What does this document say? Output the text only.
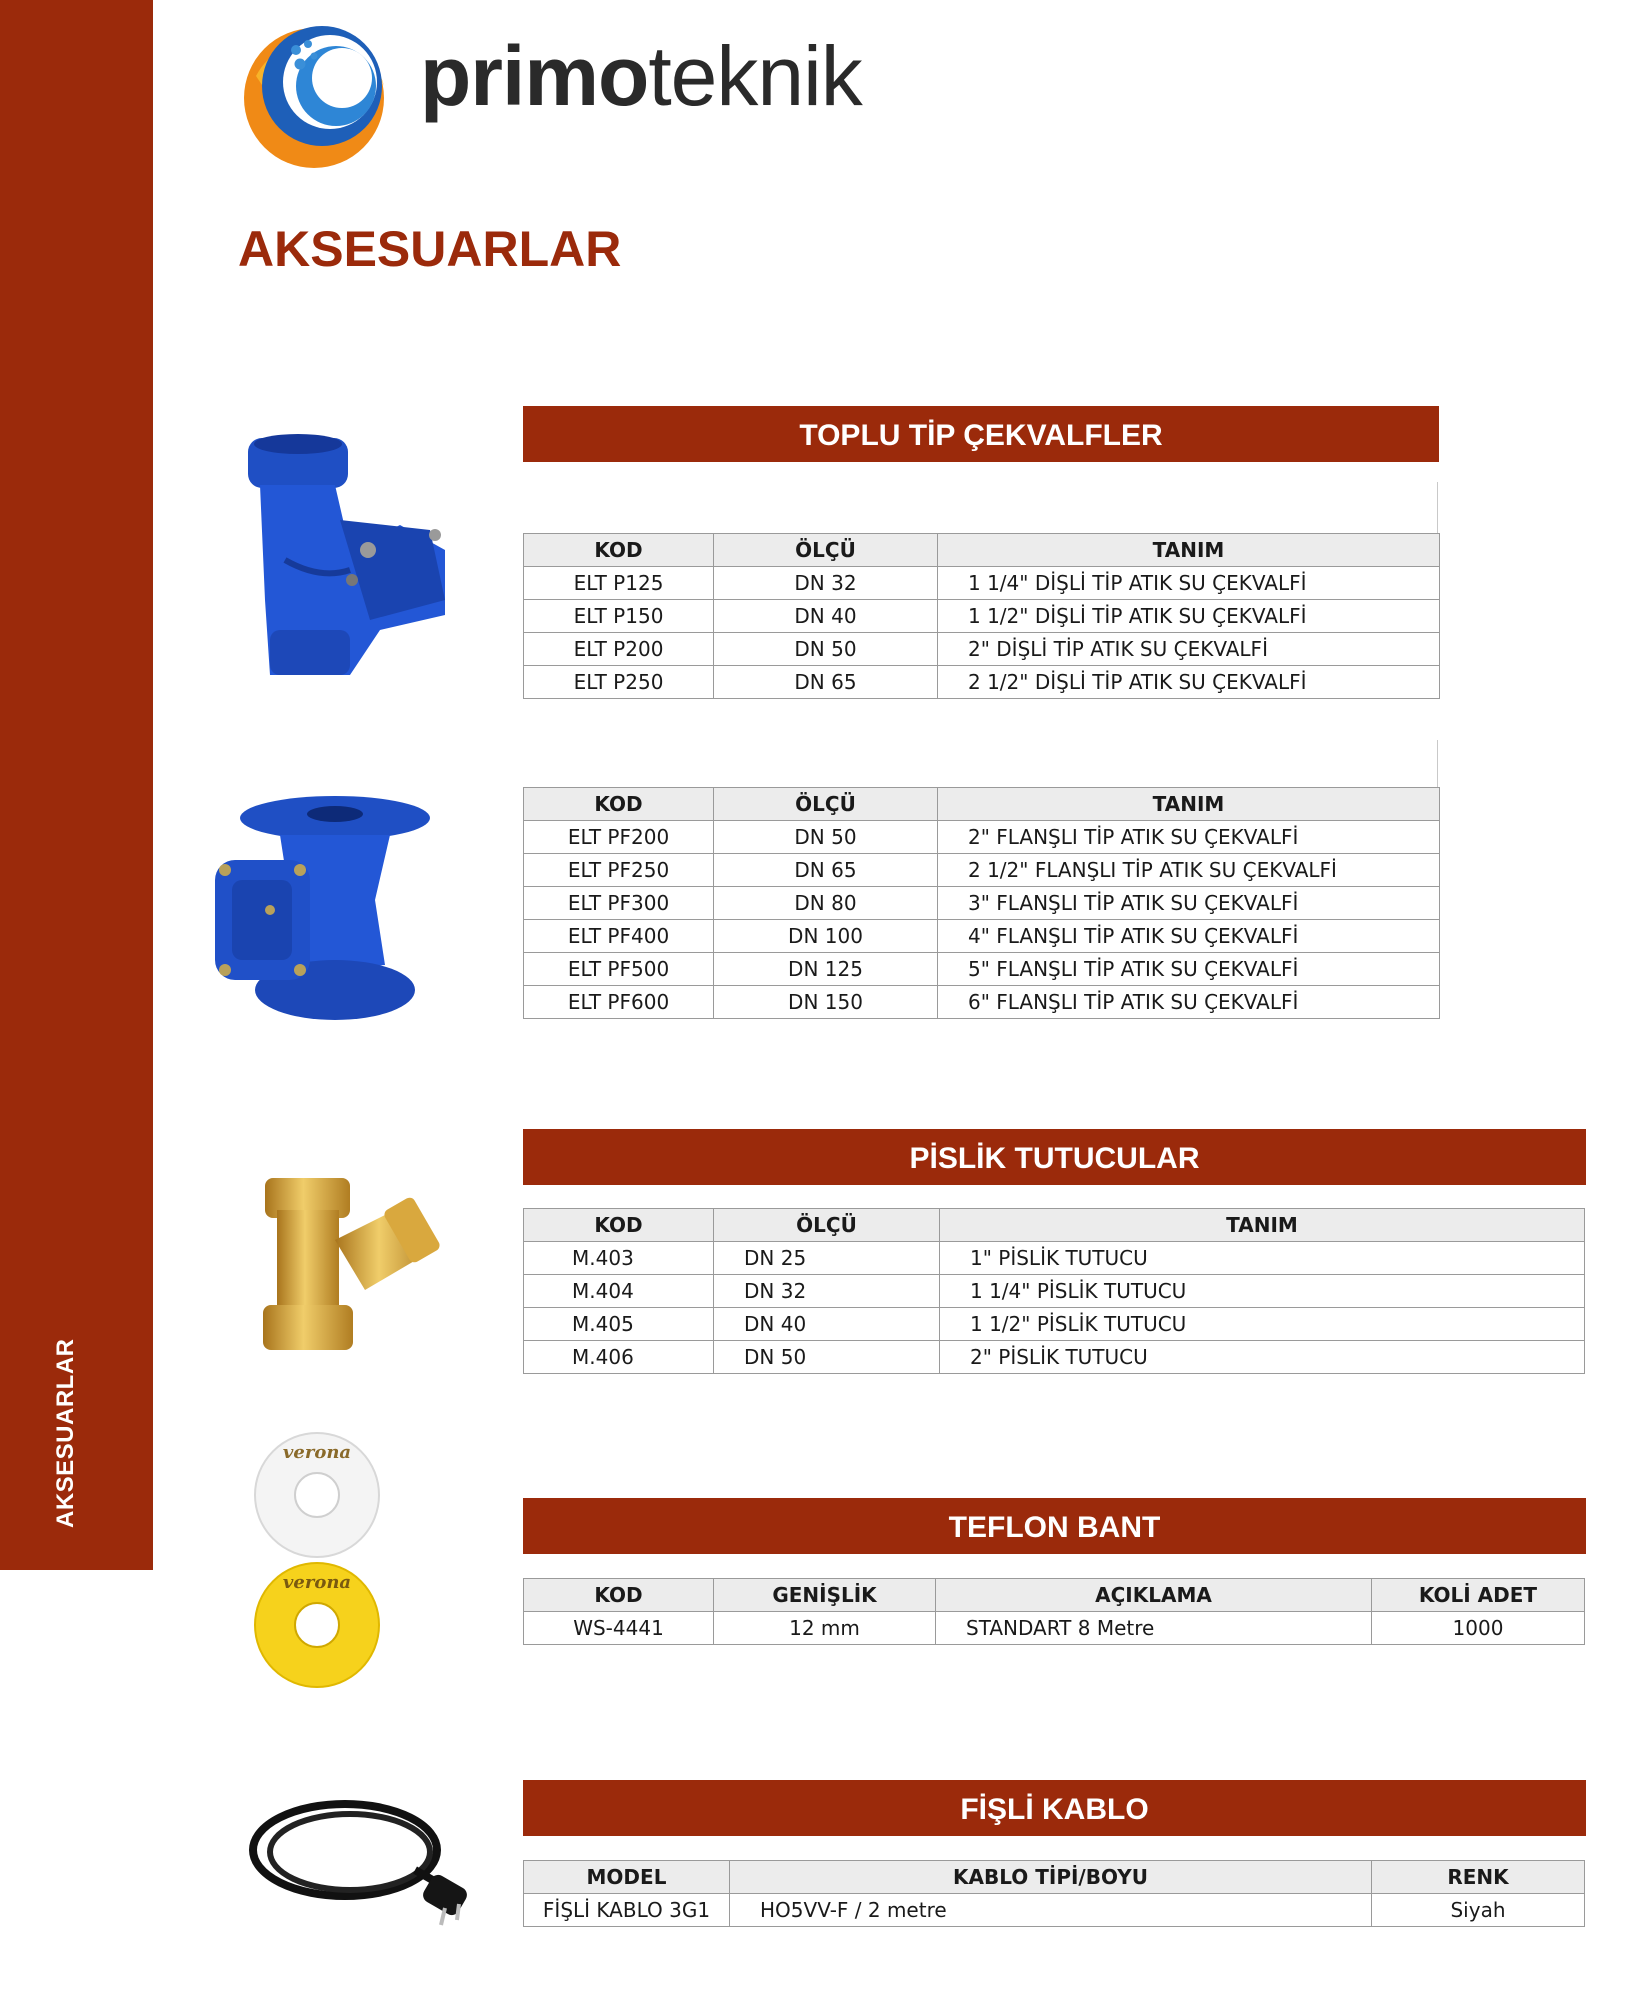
AKSESUARLAR
primoteknik
AKSESUARLAR
TOPLU TİP ÇEKVALFLER
KOD	ÖLÇÜ	TANIM
ELT P125	DN 32	1 1/4" DİŞLİ TİP ATIK SU ÇEKVALFİ
ELT P150	DN 40	1 1/2" DİŞLİ TİP ATIK SU ÇEKVALFİ
ELT P200	DN 50	2" DİŞLİ TİP ATIK SU ÇEKVALFİ
ELT P250	DN 65	2 1/2" DİŞLİ TİP ATIK SU ÇEKVALFİ
KOD	ÖLÇÜ	TANIM
ELT PF200	DN 50	2" FLANŞLI TİP ATIK SU ÇEKVALFİ
ELT PF250	DN 65	2 1/2" FLANŞLI TİP ATIK SU ÇEKVALFİ
ELT PF300	DN 80	3" FLANŞLI TİP ATIK SU ÇEKVALFİ
ELT PF400	DN 100	4" FLANŞLI TİP ATIK SU ÇEKVALFİ
ELT PF500	DN 125	5" FLANŞLI TİP ATIK SU ÇEKVALFİ
ELT PF600	DN 150	6" FLANŞLI TİP ATIK SU ÇEKVALFİ
PİSLİK TUTUCULAR
KOD	ÖLÇÜ	TANIM
M.403	DN 25	1" PİSLİK TUTUCU
M.404	DN 32	1 1/4" PİSLİK TUTUCU
M.405	DN 40	1 1/2" PİSLİK TUTUCU
M.406	DN 50	2" PİSLİK TUTUCU
verona
verona
TEFLON BANT
KOD	GENİŞLİK	AÇIKLAMA	KOLİ ADET
WS-4441	12 mm	STANDART 8 Metre	1000
FİŞLİ KABLO
MODEL	KABLO TİPİ/BOYU	RENK
FİŞLİ KABLO 3G1	HO5VV-F / 2 metre	Siyah
